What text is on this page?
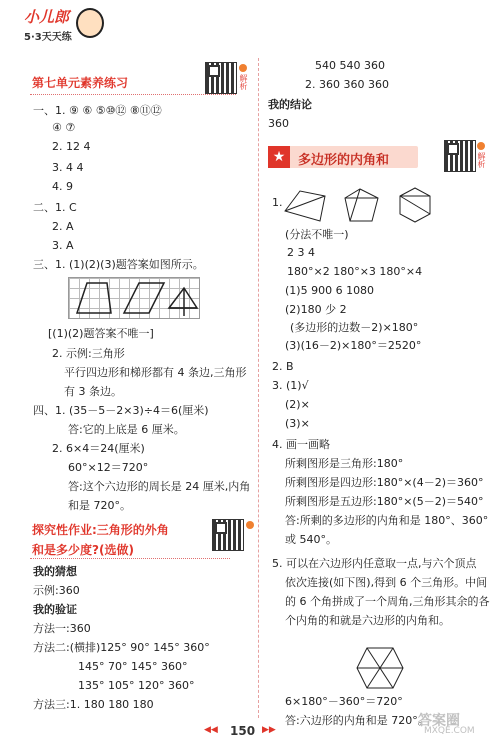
小儿郎
5·3天天练
第七单元素养练习	解析
一、1. ⑨ ⑥ ⑤⑩⑫ ⑧⑪⑫
④ ⑦
2. 12 4
3. 4 4
4. 9
二、1. C
2. A
3. A
三、1. (1)(2)(3)题答案如图所示。
[(1)(2)题答案不唯一]
2. 示例:三角形
平行四边形和梯形都有 4 条边,三角形
有 3 条边。
四、1. (35－5－2×3)÷4＝6(厘米)
答:它的上底是 6 厘米。
2. 6×4＝24(厘米)
60°×12＝720°
答:这个六边形的周长是 24 厘米,内角
和是 720°。
探究性作业:三角形的外角
和是多少度?(选做)
我的猜想
示例:360
我的验证
方法一:360
方法二:(横排)125° 90° 145° 360°
145° 70° 145° 360°
135° 105° 120° 360°
方法三:1. 180 180 180
540 540 360
2. 360 360 360
我的结论
360
★ 多边形的内角和	解析
1.
(分法不唯一)
2 3 4
180°×2 180°×3 180°×4
(1)5 900 6 1080
(2)180 少 2
(多边形的边数－2)×180°
(3)(16－2)×180°＝2520°
2. B
3. (1)√
(2)×
(3)×
4. 画一画略
所剩图形是三角形:180°
所剩图形是四边形:180°×(4－2)＝360°
所剩图形是五边形:180°×(5－2)＝540°
答:所剩的多边形的内角和是 180°、360°
或 540°。
5. 可以在六边形内任意取一点,与六个顶点
依次连接(如下图),得到 6 个三角形。中间
的 6 个角拼成了一个周角,三角形其余的各
个内角的和就是六边形的内角和。
6×180°－360°＝720°
答:六边形的内角和是 720°。
◀◀ 150 ▶▶
答案圈
MXQE.COM
